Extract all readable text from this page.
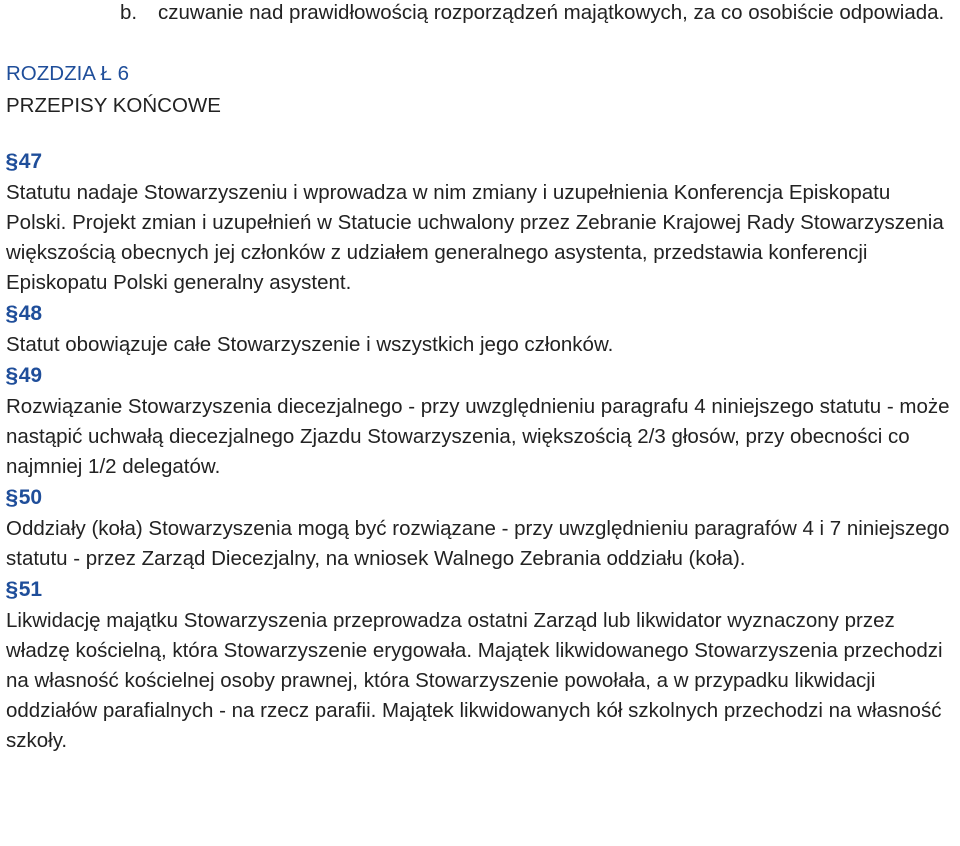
b. czuwanie nad prawidłowością rozporządzeń majątkowych, za co osobiście odpowiada.

ROZDZIA Ł 6
PRZEPISY KOŃCOWE
§47
Statutu nadaje Stowarzyszeniu i wprowadza w nim zmiany i uzupełnienia Konferencja Episkopatu Polski. Projekt zmian i uzupełnień w Statucie uchwalony przez Zebranie Krajowej Rady Stowarzyszenia większością obecnych jej członków z udziałem generalnego asystenta, przedstawia konferencji Episkopatu Polski generalny asystent.
§48
Statut obowiązuje całe Stowarzyszenie i wszystkich jego członków.
§49
Rozwiązanie Stowarzyszenia diecezjalnego - przy uwzględnieniu paragrafu 4 niniejszego statutu - może nastąpić uchwałą diecezjalnego Zjazdu Stowarzyszenia, większością 2/3 głosów, przy obecności co najmniej 1/2 delegatów.
§50
Oddziały (koła) Stowarzyszenia mogą być rozwiązane - przy uwzględnieniu paragrafów 4 i 7 niniejszego statutu - przez Zarząd Diecezjalny, na wniosek Walnego Zebrania oddziału (koła).
§51
Likwidację majątku Stowarzyszenia przeprowadza ostatni Zarząd lub likwidator wyznaczony przez władzę kościelną, która Stowarzyszenie erygowała. Majątek likwidowanego Stowarzyszenia przechodzi na własność kościelnej osoby prawnej, która Stowarzyszenie powołała, a w przypadku likwidacji oddziałów parafialnych - na rzecz parafii. Majątek likwidowanych kół szkolnych przechodzi na własność szkoły.
